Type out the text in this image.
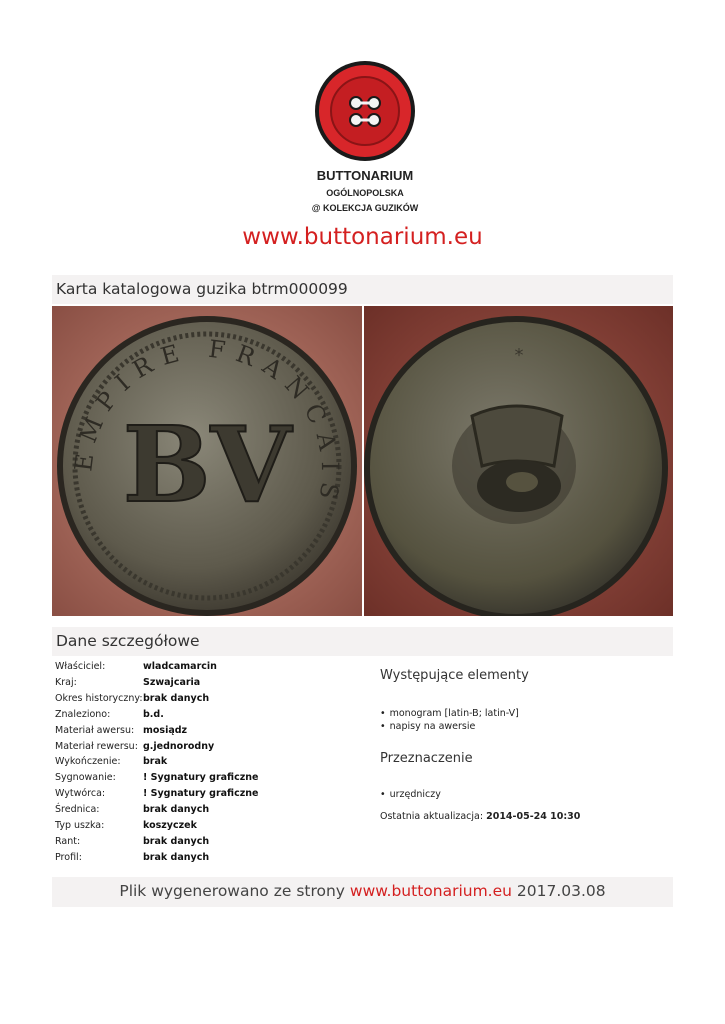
BUTTONARIUM
OGÓLNOPOLSKA
@ KOLEKCJA GUZIKÓW
www.buttonarium.eu
Karta katalogowa guzika btrm000099
EMPIRE FRANCAIS
BV
*
Dane szczegółowe
Właściciel:	wladcamarcin
Kraj:	Szwajcaria
Okres historyczny: brak danych
Znaleziono:	b.d.
Materiał awersu: mosiądz
Materiał rewersu: g.jednorodny
Wykończenie:	brak
Sygnowanie:	! Sygnatury graficzne
Wytwórca:	! Sygnatury graficzne
Średnica:	brak danych
Typ uszka:	koszyczek
Rant:	brak danych
Profil:	brak danych
Występujące elementy
• monogram [latin-B; latin-V]
• napisy na awersie
Przeznaczenie
• urzędniczy
Ostatnia aktualizacja: 2014-05-24 10:30
Plik wygenerowano ze strony www.buttonarium.eu 2017.03.08
